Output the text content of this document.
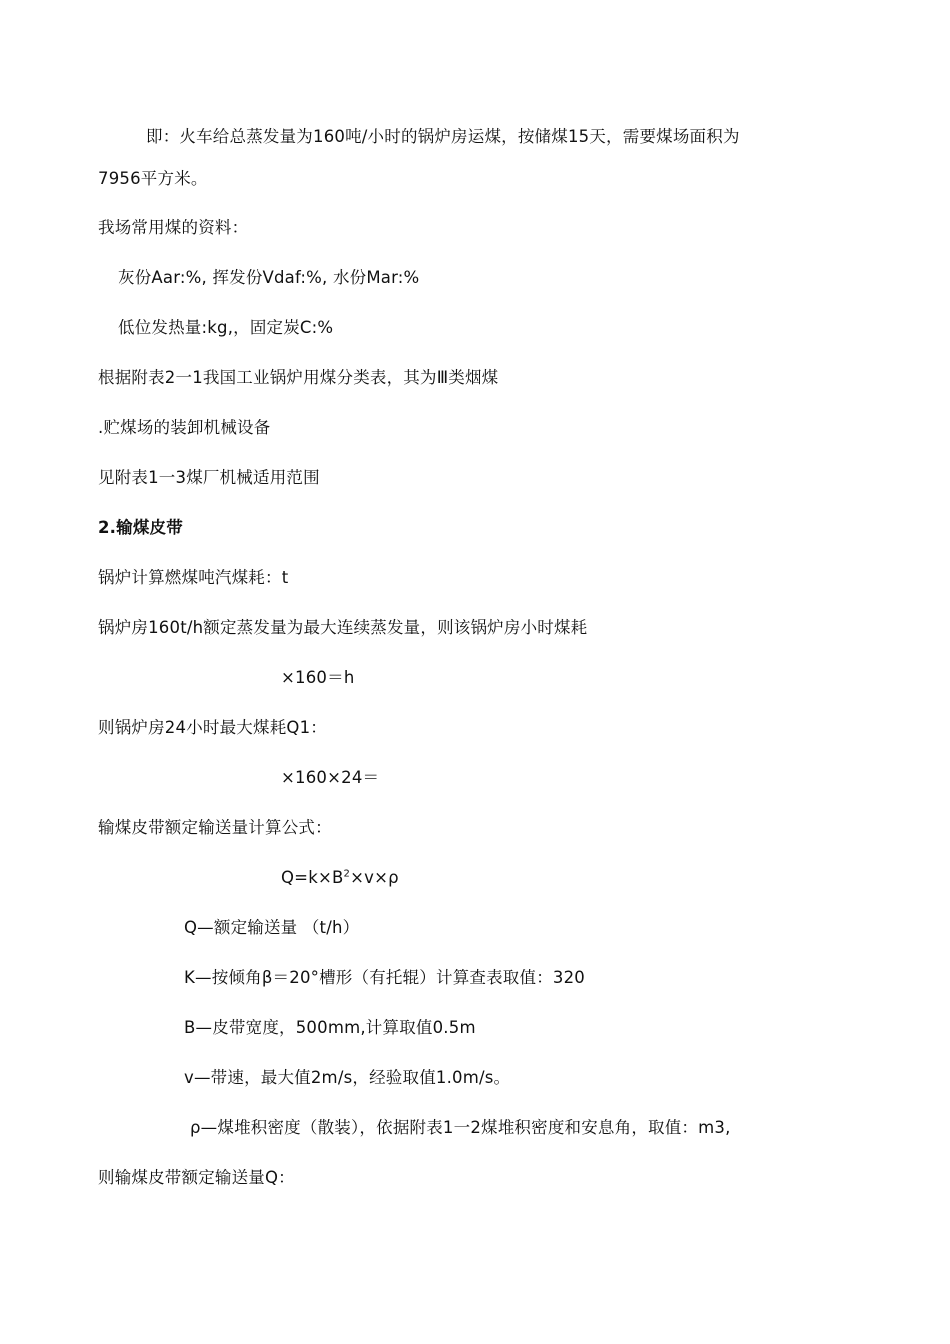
即：火车给总蒸发量为160吨/小时的锅炉房运煤，按储煤15天，需要煤场面积为
7956平方米。
我场常用煤的资料：
灰份Aar:%, 挥发份Vdaf:%, 水份Mar:%
低位发热量:kg,，固定炭C:%
根据附表2一1我国工业锅炉用煤分类表，其为Ⅲ类烟煤
.贮煤场的装卸机械设备
见附表1一3煤厂机械适用范围
2.输煤皮带
锅炉计算燃煤吨汽煤耗：t
锅炉房160t/h额定蒸发量为最大连续蒸发量，则该锅炉房小时煤耗
×160＝h
则锅炉房24小时最大煤耗Q1：
×160×24＝
输煤皮带额定输送量计算公式：
$Q=k\times B^2\times v\times\rho$
Q—额定输送量 （t/h）
K—按倾角β＝20°槽形（有托辊）计算查表取值：320
B—皮带宽度，500mm,计算取值0.5m
v—带速，最大值2m/s，经验取值1.0m/s。
ρ—煤堆积密度（散装），依据附表1一2煤堆积密度和安息角，取值：m3,
则输煤皮带额定输送量Q：
